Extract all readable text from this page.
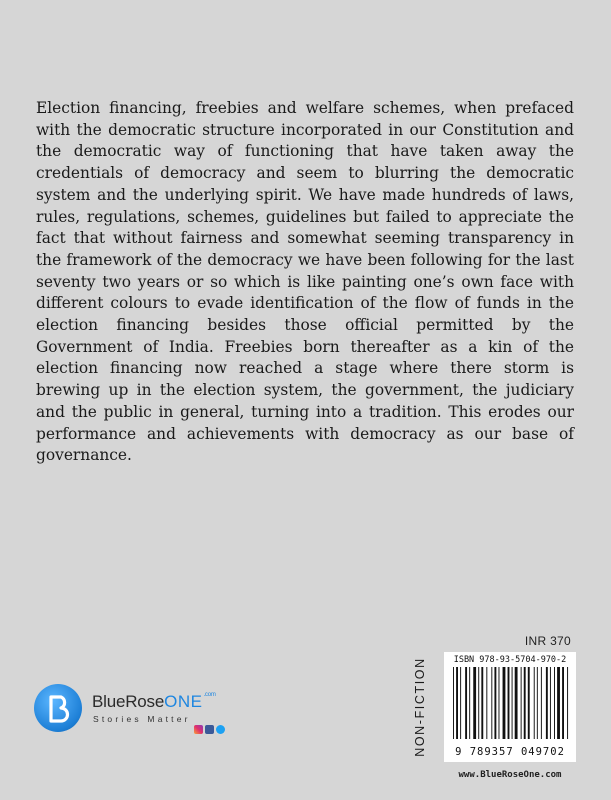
Election financing, freebies and welfare schemes, when prefaced with the democratic structure incorporated in our Constitution and the democratic way of functioning that have taken away the credentials of democracy and seem to blurring the democratic system and the underlying spirit. We have made hundreds of laws, rules, regulations, schemes, guidelines but failed to appreciate the fact that without fairness and somewhat seeming transparency in the framework of the democracy we have been following for the last seventy two years or so which is like painting one’s own face with different colours to evade identification of the flow of funds in the election financing besides those official permitted by the Government of India. Freebies born thereafter as a kin of the election financing now reached a stage where there storm is brewing up in the election system, the government, the judiciary and the public in general, turning into a tradition. This erodes our performance and achievements with democracy as our base of governance.

INR 370
NON-FICTION	ISBN 978-93-5704-970-2
9 789357 049702
www.BlueRoseOne.com
BlueRoseONE$^{.com}$
Stories Matter
